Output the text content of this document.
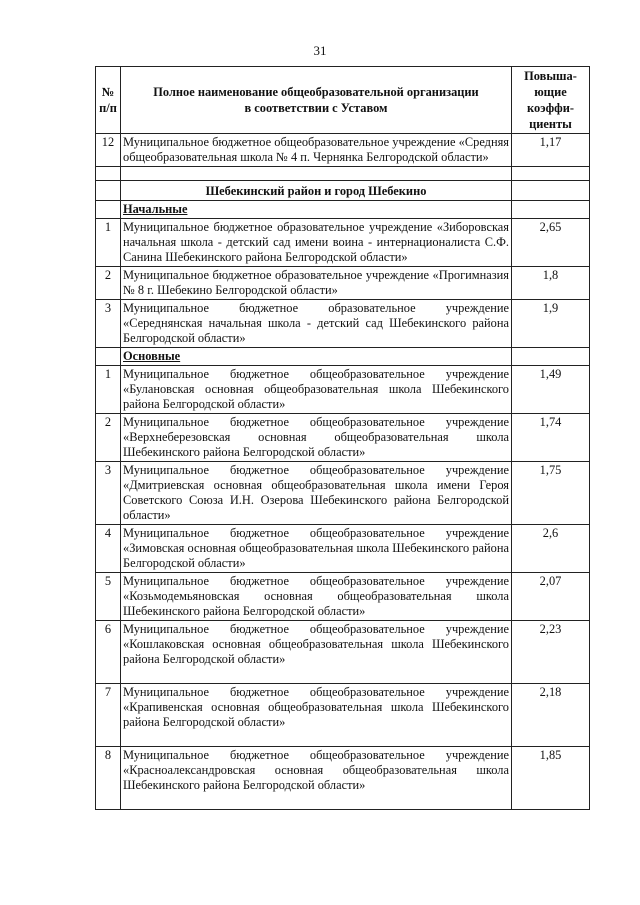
31
№ п/п	Полное наименование общеобразовательной организации в соответствии с Уставом	Повыша-ющие коэффи-циенты
12	Муниципальное бюджетное общеобразовательное учреждение «Средняя общеобразовательная школа № 4 п. Чернянка Белгородской области»	1,17

	Шебекинский район и город Шебекино	
	Начальные	
1	Муниципальное бюджетное образовательное учреждение «Зиборовская начальная школа - детский сад имени воина - интернационалиста С.Ф. Санина Шебекинского района Белгородской области»	2,65
2	Муниципальное бюджетное образовательное учреждение «Прогимназия № 8 г. Шебекино Белгородской области»	1,8
3	Муниципальное бюджетное образовательное учреждение «Середнянская начальная школа - детский сад Шебекинского района Белгородской области»	1,9
	Основные	
1	Муниципальное бюджетное общеобразовательное учреждение «Булановская основная общеобразовательная школа Шебекинского района Белгородской области»	1,49
2	Муниципальное бюджетное общеобразовательное учреждение «Верхнеберезовская основная общеобразовательная школа Шебекинского района Белгородской области»	1,74
3	Муниципальное бюджетное общеобразовательное учреждение «Дмитриевская основная общеобразовательная школа имени Героя Советского Союза И.Н. Озерова Шебекинского района Белгородской области»	1,75
4	Муниципальное бюджетное общеобразовательное учреждение «Зимовская основная общеобразовательная школа Шебекинского района Белгородской области»	2,6
5	Муниципальное бюджетное общеобразовательное учреждение «Козьмодемьяновская основная общеобразовательная школа Шебекинского района Белгородской области»	2,07
6	Муниципальное бюджетное общеобразовательное учреждение «Кошлаковская основная общеобразовательная школа Шебекинского района Белгородской области»	2,23
7	Муниципальное бюджетное общеобразовательное учреждение «Крапивенская основная общеобразовательная школа Шебекинского района Белгородской области»	2,18
8	Муниципальное бюджетное общеобразовательное учреждение «Красноалександровская основная общеобразовательная школа Шебекинского района Белгородской области»	1,85
